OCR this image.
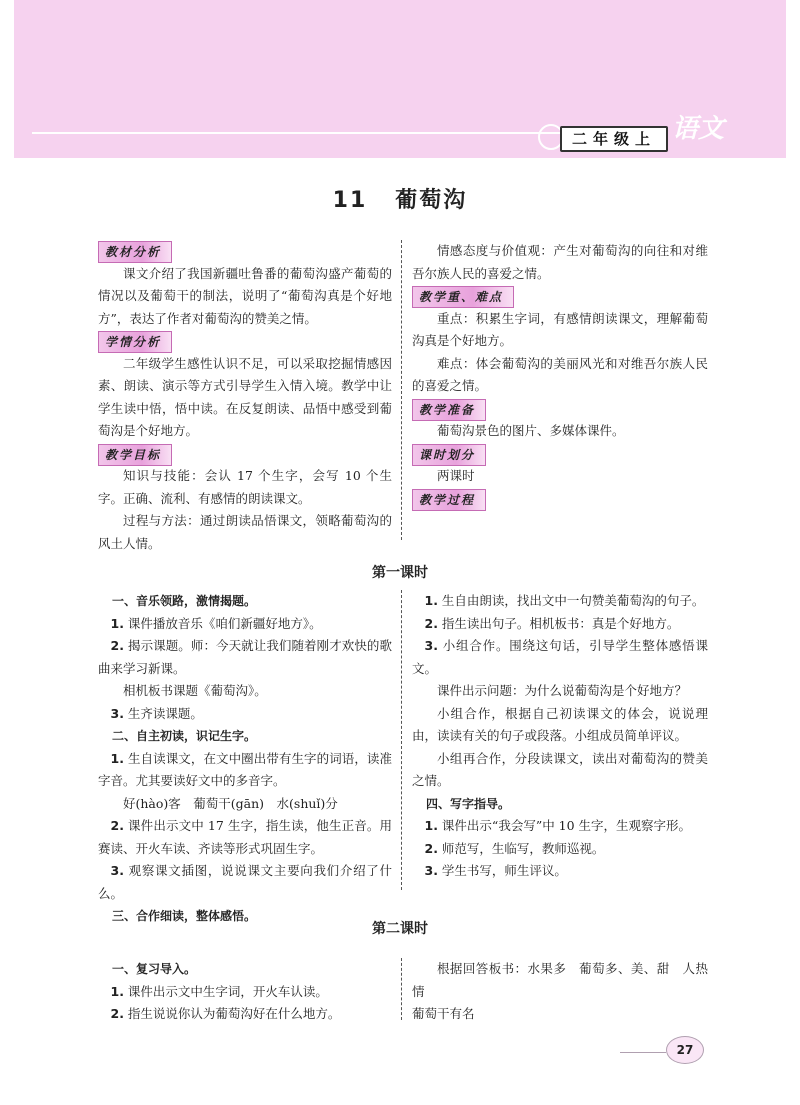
二年级上 语文
11 葡萄沟
教材分析

课文介绍了我国新疆吐鲁番的葡萄沟盛产葡萄的情况以及葡萄干的制法，说明了“葡萄沟真是个好地方”，表达了作者对葡萄沟的赞美之情。

学情分析

二年级学生感性认识不足，可以采取挖掘情感因素、朗读、演示等方式引导学生入情入境。教学中让学生读中悟，悟中读。在反复朗读、品悟中感受到葡萄沟是个好地方。

教学目标

知识与技能：会认 17 个生字，会写 10 个生字。正确、流利、有感情的朗读课文。

过程与方法：通过朗读品悟课文，领略葡萄沟的风土人情。

情感态度与价值观：产生对葡萄沟的向往和对维吾尔族人民的喜爱之情。

教学重、难点

重点：积累生字词，有感情朗读课文，理解葡萄沟真是个好地方。

难点：体会葡萄沟的美丽风光和对维吾尔族人民的喜爱之情。

教学准备

葡萄沟景色的图片、多媒体课件。

课时划分

两课时

教学过程
第一课时

一、音乐领路，激情揭题。

1. 课件播放音乐《咱们新疆好地方》。

2. 揭示课题。师：今天就让我们随着刚才欢快的歌曲来学习新课。

相机板书课题《葡萄沟》。

3. 生齐读课题。

二、自主初读，识记生字。

1. 生自读课文，在文中圈出带有生字的词语，读准字音。尤其要读好文中的多音字。

好(hào)客　葡萄干(gān)　水(shuǐ)分

2. 课件出示文中 17 生字，指生读，他生正音。用赛读、开火车读、齐读等形式巩固生字。

3. 观察课文插图，说说课文主要向我们介绍了什么。

三、合作细读，整体感悟。

1. 生自由朗读，找出文中一句赞美葡萄沟的句子。

2. 指生读出句子。相机板书：真是个好地方。

3. 小组合作。围绕这句话，引导学生整体感悟课文。

课件出示问题：为什么说葡萄沟是个好地方？

小组合作，根据自己初读课文的体会，说说理由，读读有关的句子或段落。小组成员简单评议。

小组再合作，分段读课文，读出对葡萄沟的赞美之情。

四、写字指导。

1. 课件出示“我会写”中 10 生字，生观察字形。

2. 师范写，生临写，教师巡视。

3. 学生书写，师生评议。

第二课时

一、复习导入。

1. 课件出示文中生字词，开火车认读。

2. 指生说说你认为葡萄沟好在什么地方。

根据回答板书：水果多　葡萄多、美、甜　人热情

葡萄干有名

27
